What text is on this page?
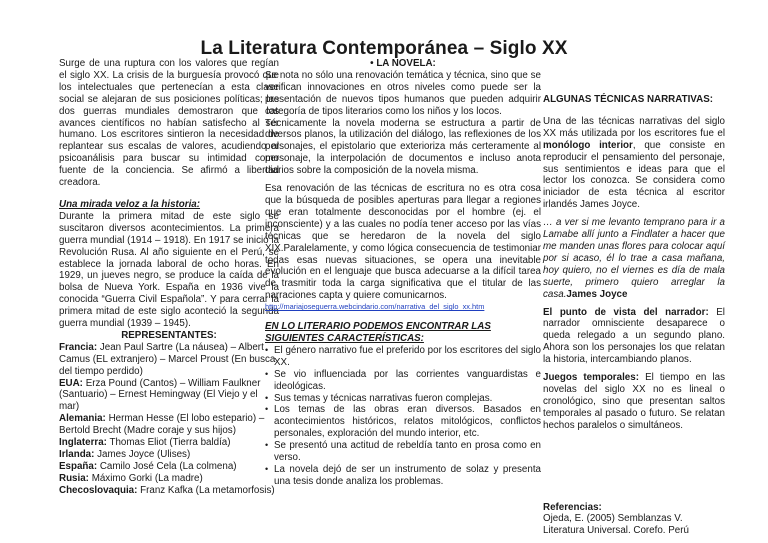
La Literatura Contemporánea – Siglo XX

Surge de una ruptura con los valores que regían el siglo XX. La crisis de la burguesía provocó que los intelectuales que pertenecían a esta clase social se alejaran de sus posiciones políticas; las dos guerras mundiales demostraron que los avances científicos no habían satisfecho al ser humano. Los escritores sintieron la necesidad de replantear sus escalas de valores, acudiendo al psicoanálisis para buscar su intimidad como fuente de la conciencia. Se afirmó a libertad creadora.

Una mirada veloz a la historia:

Durante la primera mitad de este siglo se suscitaron diversos acontecimientos. La primera guerra mundial (1914 – 1918). En 1917 se inició la Revolución Rusa. Al año siguiente en el Perú, se establece la jornada laboral de ocho horas. En 1929, un jueves negro, se produce la caída de la bolsa de Nueva York. España en 1936 vive la conocida “Guerra Civil Española”. Y para cerrar la primera mitad de este siglo aconteció la segunda guerra mundial (1939 – 1945).

REPRESENTANTES:

Francia: Jean Paul Sartre (La náusea) – Albert Camus (EL extranjero) – Marcel Proust (En busca del tiempo perdido)

EUA: Erza Pound (Cantos) – William Faulkner (Santuario) – Ernest Hemingway (El Viejo y el mar)

Alemania: Herman Hesse (El lobo estepario) – Bertold Brecht (Madre coraje y sus hijos)

Inglaterra: Thomas Eliot (Tierra baldía)

Irlanda: James Joyce (Ulises)

España: Camilo José Cela (La colmena)

Rusia: Máximo Gorki (La madre)

Checoslovaquia: Franz Kafka (La metamorfosis)

• LA NOVELA:

Se nota no sólo una renovación temática y técnica, sino que se verifican innovaciones en otros niveles como puede ser la presentación de nuevos tipos humanos que pueden adquirir categoría de tipos literarios como los niños y los locos.

Técnicamente la novela moderna se estructura a partir de diversos planos, la utilización del diálogo, las reflexiones de los personajes, el epistolario que exterioriza más certeramente al personaje, la interpolación de documentos e incluso anota diarios sobre la composición de la novela misma.

Esa renovación de las técnicas de escritura no es otra cosa que la búsqueda de posibles aperturas para llegar a regiones que eran totalmente desconocidas por el hombre (ej. el inconsciente) y a las cuales no podía tener acceso por las vías técnicas que se heredaron de la novela del siglo XIX.Paralelamente, y como lógica consecuencia de testimoniar todas esas nuevas situaciones, se opera una inevitable evolución en el lenguaje que busca adecuarse a la difícil tarea de trasmitir toda la carga significativa que el titular de las narraciones capta y quiere comunicarnos.

http://mariajoseguerra.webcindario.com/narrativa_del_siglo_xx.htm

EN LO LITERARIO PODEMOS ENCONTRAR LAS SIGUIENTES CARACTERÍSTICAS:

• El género narrativo fue el preferido por los escritores del siglo XX.
• Se vio influenciada por las corrientes vanguardistas e ideológicas.
• Sus temas y técnicas narrativas fueron complejas.
• Los temas de las obras eran diversos. Basados en acontecimientos históricos, relatos mitológicos, conflictos personales, exploración del mundo interior, etc.
• Se presentó una actitud de rebeldía tanto en prosa como en verso.
• La novela dejó de ser un instrumento de solaz y presenta una tesis donde analiza los problemas.

ALGUNAS TÉCNICAS NARRATIVAS:

Una de las técnicas narrativas del siglo XX más utilizada por los escritores fue el monólogo interior, que consiste en reproducir el pensamiento del personaje, sus sentimientos e ideas para que el lector los conozca. Se considera como iniciador de esta técnica al escritor irlandés James Joyce.

… a ver si me levanto temprano para ir a Lamabe allí junto a Findlater a hacer que me manden unas flores para colocar aquí por si acaso, él lo trae a casa mañana, hoy quiero, no el viernes es día de mala suerte, primero quiero arreglar la casa.James Joyce

El punto de vista del narrador: El narrador omnisciente desaparece o queda relegado a un segundo plano. Ahora son los personajes los que relatan la historia, intercambiando planos.

Juegos temporales: El tiempo en las novelas del siglo XX no es lineal o cronológico, sino que presentan saltos temporales al pasado o futuro. Se relatan hechos paralelos o simultáneos.

Referencias:

Ojeda, E. (2005) Semblanzas V. Literatura Universal. Corefo. Perú
